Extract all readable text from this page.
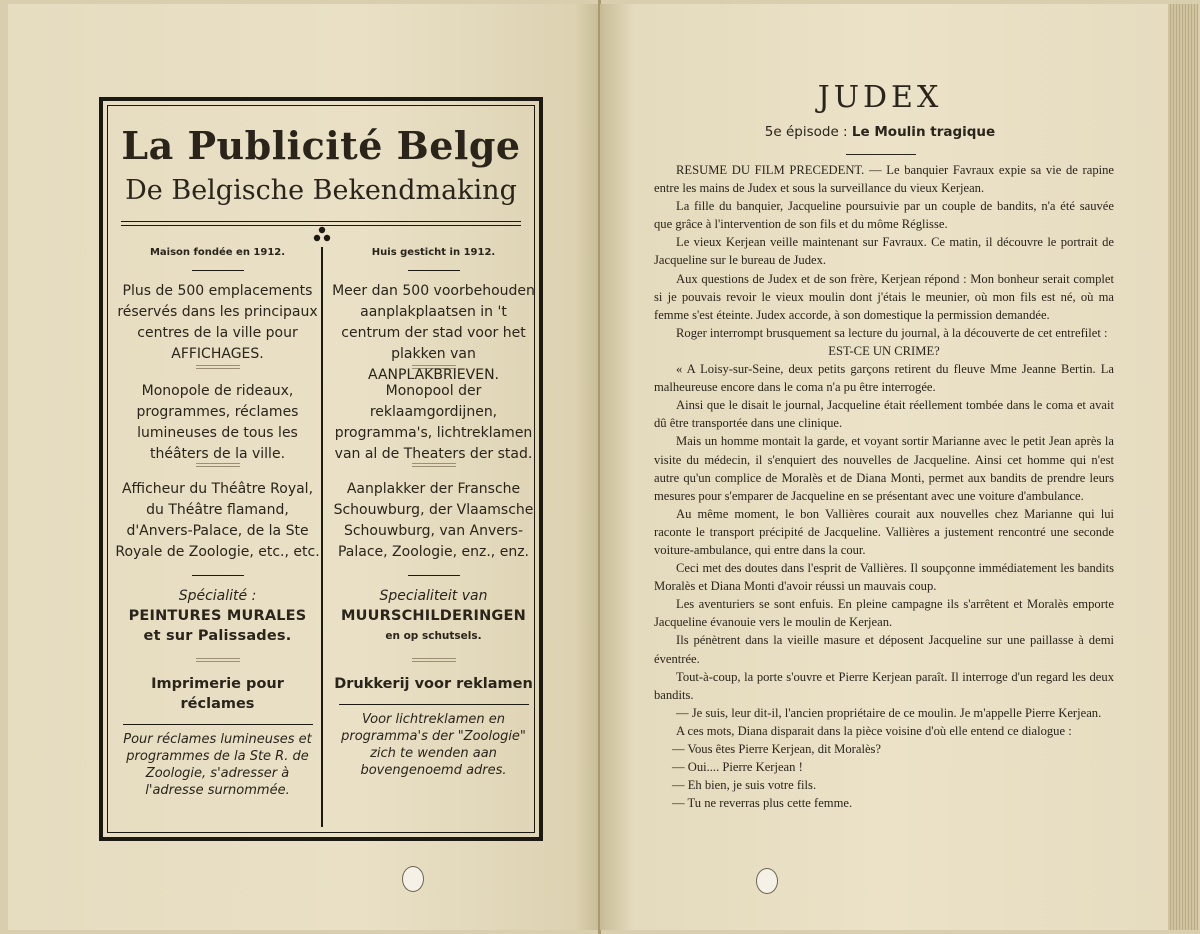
La Publicité Belge
De Belgische Bekendmaking
Maison fondée en 1912.
Plus de 500 emplacements réservés dans les principaux centres de la ville pour AFFICHAGES.
Monopole de rideaux, programmes, réclames lumineuses de tous les théâters de la ville.
Afficheur du Théâtre Royal, du Théâtre flamand, d'Anvers-Palace, de la Ste Royale de Zoologie, etc., etc.
Spécialité :
PEINTURES MURALES
et sur Palissades.
Imprimerie pour réclames
Pour réclames lumineuses et programmes de la Ste R. de Zoologie, s'adresser à l'adresse surnommée.
Huis gesticht in 1912.
Meer dan 500 voorbehouden aanplakplaatsen in 't centrum der stad voor het plakken van AANPLAKBRIEVEN.
Monopool der reklaamgordijnen, programma's, lichtreklamen van al de Theaters der stad.
Aanplakker der Fransche Schouwburg, der Vlaamsche Schouwburg, van Anvers-Palace, Zoologie, enz., enz.
Specialiteit van
MUURSCHILDERINGEN
en op schutsels.
Drukkerij voor reklamen
Voor lichtreklamen en programma's der "Zoologie" zich te wenden aan bovengenoemd adres.
JUDEX
5e épisode : Le Moulin tragique

RESUME DU FILM PRECEDENT. — Le banquier Favraux expie sa vie de rapine entre les mains de Judex et sous la surveillance du vieux Kerjean.

La fille du banquier, Jacqueline poursuivie par un couple de bandits, n'a été sauvée que grâce à l'intervention de son fils et du môme Réglisse.

Le vieux Kerjean veille maintenant sur Favraux. Ce matin, il découvre le portrait de Jacqueline sur le bureau de Judex.

Aux questions de Judex et de son frère, Kerjean répond : Mon bonheur serait complet si je pouvais revoir le vieux moulin dont j'étais le meunier, où mon fils est né, où ma femme s'est éteinte. Judex accorde, à son domestique la permission demandée.

Roger interrompt brusquement sa lecture du journal, à la découverte de cet entrefilet :

EST-CE UN CRIME?

« A Loisy-sur-Seine, deux petits garçons retirent du fleuve Mme Jeanne Bertin. La malheureuse encore dans le coma n'a pu être interrogée.

Ainsi que le disait le journal, Jacqueline était réellement tombée dans le coma et avait dû être transportée dans une clinique.

Mais un homme montait la garde, et voyant sortir Marianne avec le petit Jean après la visite du médecin, il s'enquiert des nouvelles de Jacqueline. Ainsi cet homme qui n'est autre qu'un complice de Moralès et de Diana Monti, permet aux bandits de prendre leurs mesures pour s'emparer de Jacqueline en se présentant avec une voiture d'ambulance.

Au même moment, le bon Vallières courait aux nouvelles chez Marianne qui lui raconte le transport précipité de Jacqueline. Vallières a justement rencontré une seconde voiture-ambulance, qui entre dans la cour.

Ceci met des doutes dans l'esprit de Vallières. Il soupçonne immédiatement les bandits Moralès et Diana Monti d'avoir réussi un mauvais coup.

Les aventuriers se sont enfuis. En pleine campagne ils s'arrêtent et Moralès emporte Jacqueline évanouie vers le moulin de Kerjean.

Ils pénètrent dans la vieille masure et déposent Jacqueline sur une paillasse à demi éventrée.

Tout-à-coup, la porte s'ouvre et Pierre Kerjean paraît. Il interroge d'un regard les deux bandits.

— Je suis, leur dit-il, l'ancien propriétaire de ce moulin. Je m'appelle Pierre Kerjean.

A ces mots, Diana disparait dans la pièce voisine d'où elle entend ce dialogue :

— Vous êtes Pierre Kerjean, dit Moralès?

— Oui.... Pierre Kerjean !

— Eh bien, je suis votre fils.

— Tu ne reverras plus cette femme.
